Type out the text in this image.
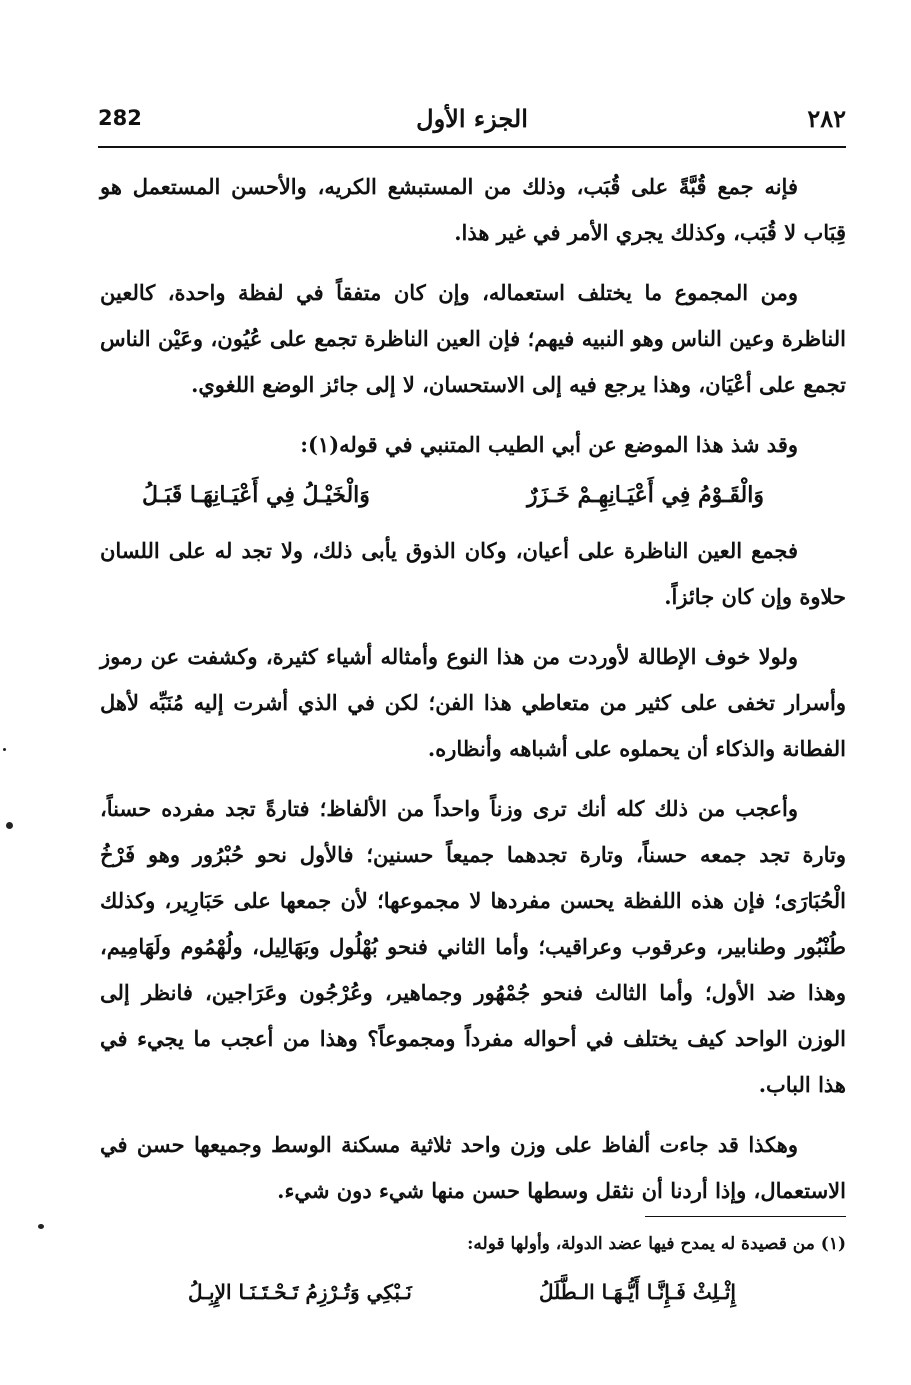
282	الجزء الأول	٢٨٢

فإنه جمع قُبَّةً على قُبَب، وذلك من المستبشع الكريه، والأحسن المستعمل هو قِبَاب لا قُبَب، وكذلك يجري الأمر في غير هذا.

ومن المجموع ما يختلف استعماله، وإن كان متفقاً في لفظة واحدة، كالعين الناظرة وعين الناس وهو النبيه فيهم؛ فإن العين الناظرة تجمع على عُيُون، وعَيْن الناس تجمع على أعْيَان، وهذا يرجع فيه إلى الاستحسان، لا إلى جائز الوضع اللغوي.

وقد شذ هذا الموضع عن أبي الطيب المتنبي في قوله(١):

وَالْقَـوْمُ فِي أَعْيَـانِهِـمْ خَـزَرٌ
وَالْخَيْـلُ فِي أَعْيَـانِهَـا قَبَـلُ

فجمع العين الناظرة على أعيان، وكان الذوق يأبى ذلك، ولا تجد له على اللسان حلاوة وإن كان جائزاً.

ولولا خوف الإطالة لأوردت من هذا النوع وأمثاله أشياء كثيرة، وكشفت عن رموز وأسرار تخفى على كثير من متعاطي هذا الفن؛ لكن في الذي أشرت إليه مُنَبِّه لأهل الفطانة والذكاء أن يحملوه على أشباهه وأنظاره.

وأعجب من ذلك كله أنك ترى وزناً واحداً من الألفاظ؛ فتارةً تجد مفرده حسناً، وتارة تجد جمعه حسناً، وتارة تجدهما جميعاً حسنين؛ فالأول نحو حُبْرُور وهو فَرْخُ الْحُبَارَى؛ فإن هذه اللفظة يحسن مفردها لا مجموعها؛ لأن جمعها على حَبَارِير، وكذلك طُنْبُور وطنابير، وعرقوب وعراقيب؛ وأما الثاني فنحو بُهْلُول وبَهَالِيل، ولُهْمُوم ولَهَامِيم، وهذا ضد الأول؛ وأما الثالث فنحو جُمْهُور وجماهير، وعُرْجُون وعَرَاجين، فانظر إلى الوزن الواحد كيف يختلف في أحواله مفرداً ومجموعاً؟ وهذا من أعجب ما يجيء في هذا الباب.

وهكذا قد جاءت ألفاظ على وزن واحد ثلاثية مسكنة الوسط وجميعها حسن في الاستعمال، وإذا أردنا أن نثقل وسطها حسن منها شيء دون شيء.

(١) من قصيدة له يمدح فيها عضد الدولة، وأولها قوله:

إِثْـلِثْ فَـإِنَّـا أَيُّـهَـا الـطَّلَلُ
نَـبْكِي وَتُـرْزِمُ تَـحْـتَـنَـا الإِبِـلُ
